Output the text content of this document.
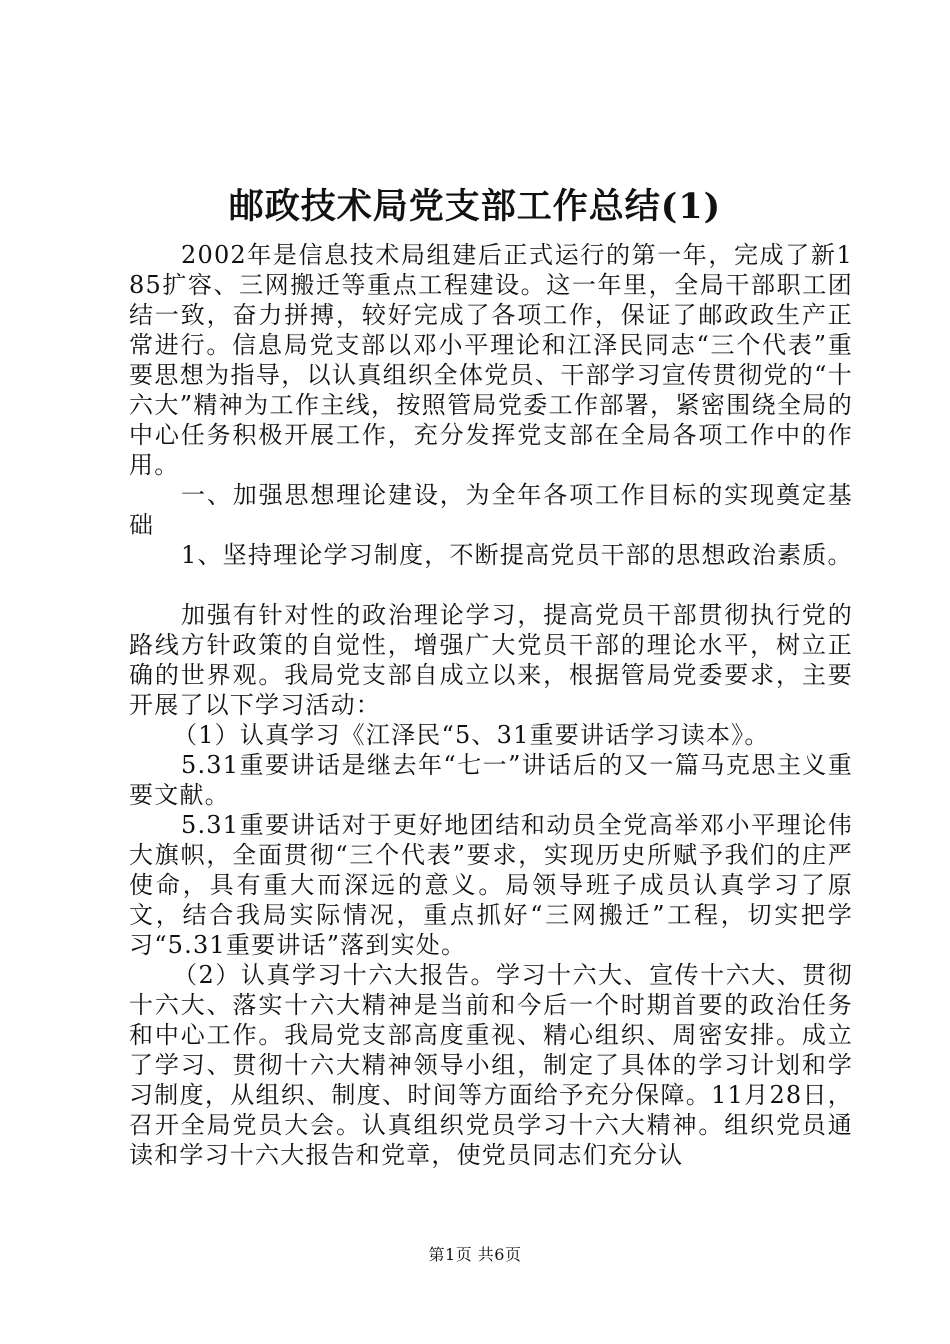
邮政技术局党支部工作总结(1)

2002年是信息技术局组建后正式运行的第一年，完成了新185扩容、三网搬迁等重点工程建设。这一年里，全局干部职工团结一致，奋力拼搏，较好完成了各项工作，保证了邮政政生产正常进行。信息局党支部以邓小平理论和江泽民同志“三个代表”重要思想为指导，以认真组织全体党员、干部学习宣传贯彻党的“十六大”精神为工作主线，按照管局党委工作部署，紧密围绕全局的中心任务积极开展工作，充分发挥党支部在全局各项工作中的作用。

一、加强思想理论建设，为全年各项工作目标的实现奠定基础

1、坚持理论学习制度，不断提高党员干部的思想政治素质。

加强有针对性的政治理论学习，提高党员干部贯彻执行党的路线方针政策的自觉性，增强广大党员干部的理论水平，树立正确的世界观。我局党支部自成立以来，根据管局党委要求，主要开展了以下学习活动：

（1）认真学习《江泽民“5、31重要讲话学习读本》。

5.31重要讲话是继去年“七一”讲话后的又一篇马克思主义重要文献。

5.31重要讲话对于更好地团结和动员全党高举邓小平理论伟大旗帜，全面贯彻“三个代表”要求，实现历史所赋予我们的庄严使命，具有重大而深远的意义。局领导班子成员认真学习了原文，结合我局实际情况，重点抓好“三网搬迁”工程，切实把学习“5.31重要讲话”落到实处。

（2）认真学习十六大报告。学习十六大、宣传十六大、贯彻十六大、落实十六大精神是当前和今后一个时期首要的政治任务和中心工作。我局党支部高度重视、精心组织、周密安排。成立了学习、贯彻十六大精神领导小组，制定了具体的学习计划和学习制度，从组织、制度、时间等方面给予充分保障。11月28日，召开全局党员大会。认真组织党员学习十六大精神。组织党员通读和学习十六大报告和党章，使党员同志们充分认

第1页 共6页
